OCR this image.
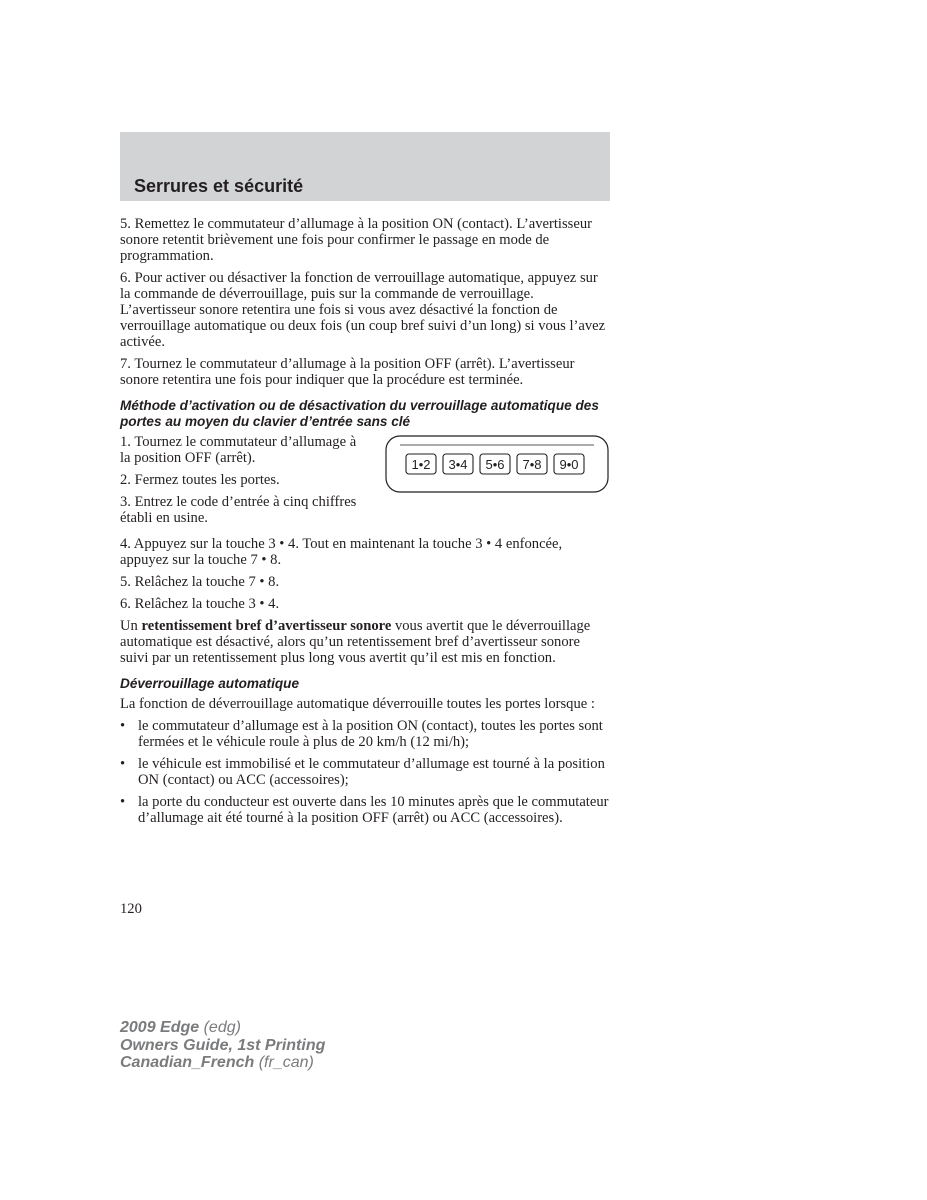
Serrures et sécurité

5. Remettez le commutateur d’allumage à la position ON (contact). L’avertisseur sonore retentit brièvement une fois pour confirmer le passage en mode de programmation.

6. Pour activer ou désactiver la fonction de verrouillage automatique, appuyez sur la commande de déverrouillage, puis sur la commande de verrouillage. L’avertisseur sonore retentira une fois si vous avez désactivé la fonction de verrouillage automatique ou deux fois (un coup bref suivi d’un long) si vous l’avez activée.

7. Tournez le commutateur d’allumage à la position OFF (arrêt). L’avertisseur sonore retentira une fois pour indiquer que la procédure est terminée.

Méthode d’activation ou de désactivation du verrouillage automatique des portes au moyen du clavier d’entrée sans clé

1. Tournez le commutateur d’allumage à la position OFF (arrêt).

2. Fermez toutes les portes.

3. Entrez le code d’entrée à cinq chiffres établi en usine.

1•2 3•4 5•6 7•8 9•0

4. Appuyez sur la touche 3 • 4. Tout en maintenant la touche 3 • 4 enfoncée, appuyez sur la touche 7 • 8.

5. Relâchez la touche 7 • 8.

6. Relâchez la touche 3 • 4.

Un retentissement bref d’avertisseur sonore vous avertit que le déverrouillage automatique est désactivé, alors qu’un retentissement bref d’avertisseur sonore suivi par un retentissement plus long vous avertit qu’il est mis en fonction.

Déverrouillage automatique

La fonction de déverrouillage automatique déverrouille toutes les portes lorsque :

• le commutateur d’allumage est à la position ON (contact), toutes les portes sont fermées et le véhicule roule à plus de 20 km/h (12 mi/h);
• le véhicule est immobilisé et le commutateur d’allumage est tourné à la position ON (contact) ou ACC (accessoires);
• la porte du conducteur est ouverte dans les 10 minutes après que le commutateur d’allumage ait été tourné à la position OFF (arrêt) ou ACC (accessoires).
120
2009 Edge (edg)
Owners Guide, 1st Printing
Canadian_French (fr_can)
